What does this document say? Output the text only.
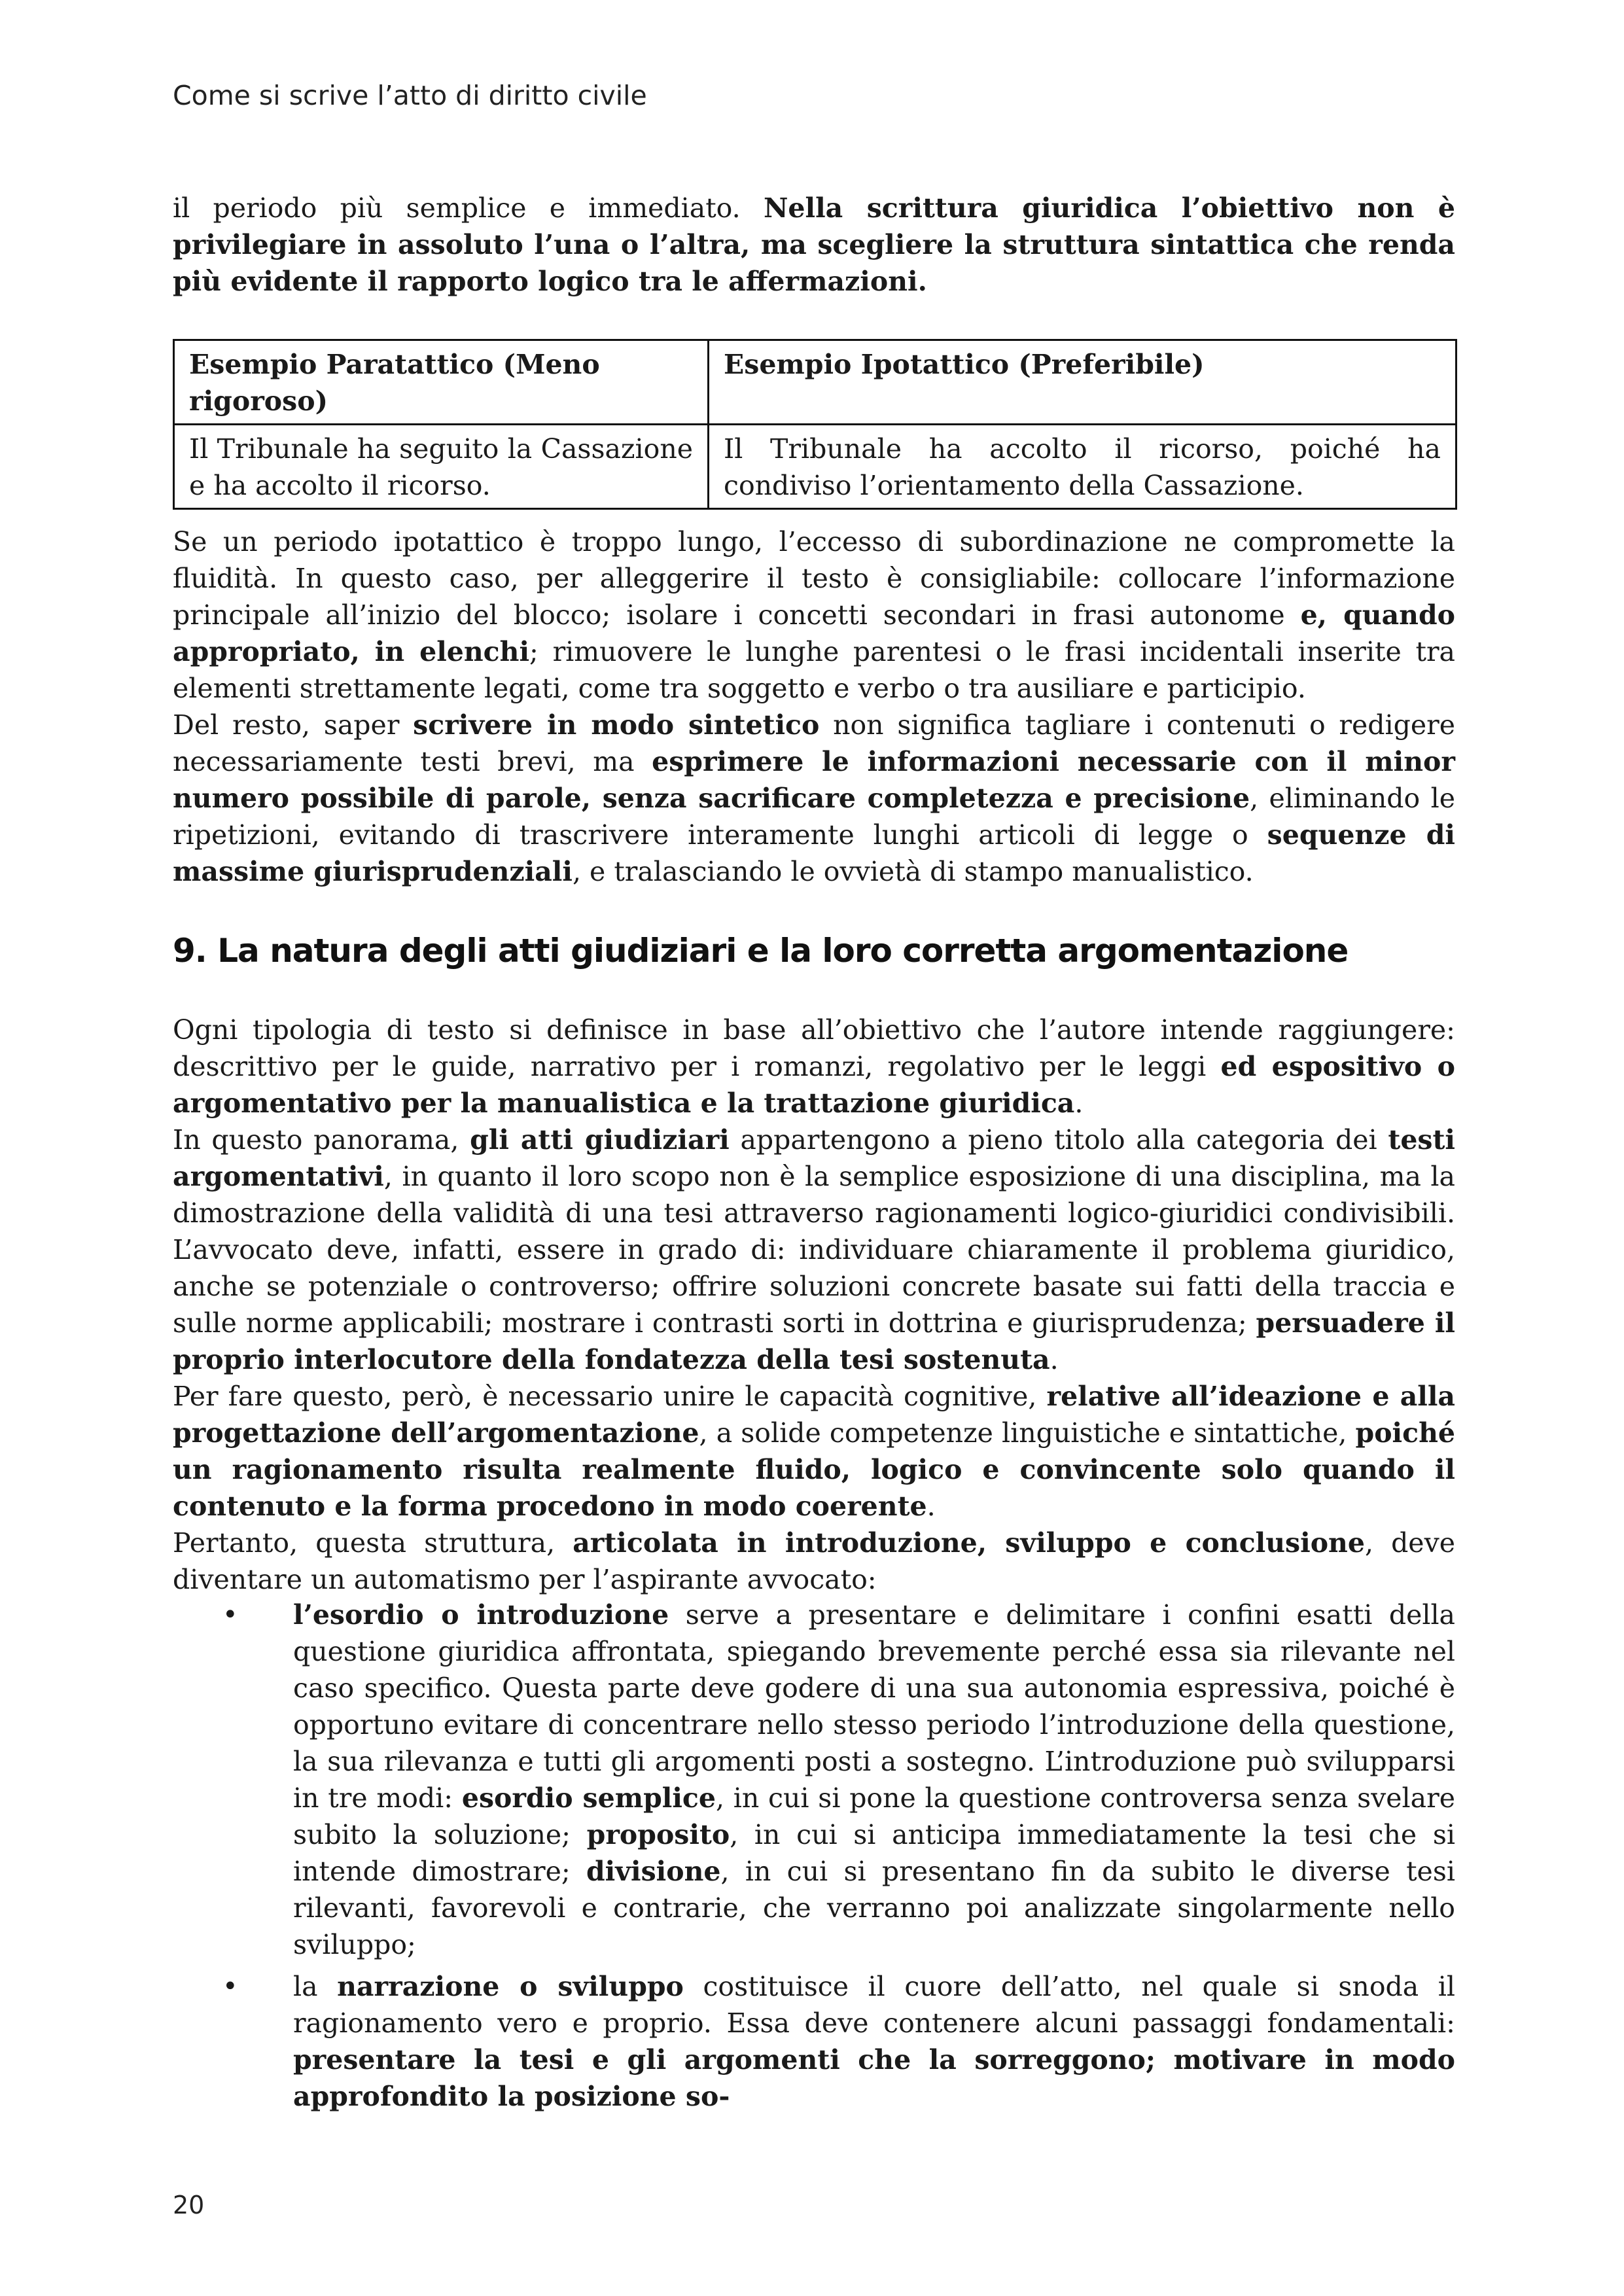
Come si scrive l’atto di diritto civile

il periodo più semplice e immediato. Nella scrittura giuridica l’obiettivo non è privilegiare in assoluto l’una o l’altra, ma scegliere la struttura sintattica che renda più evidente il rapporto logico tra le affermazioni.

Esempio Paratattico (Meno rigoroso)	Esempio Ipotattico (Preferibile)
Il Tribunale ha seguito la Cassazione e ha accolto il ricorso.	Il Tribunale ha accolto il ricorso, poiché ha condiviso l’orientamento della Cassazione.

Se un periodo ipotattico è troppo lungo, l’eccesso di subordinazione ne compromette la fluidità. In questo caso, per alleggerire il testo è consigliabile: collocare l’informazione principale all’inizio del blocco; isolare i concetti secondari in frasi autonome e, quando appropriato, in elenchi; rimuovere le lunghe parentesi o le frasi incidentali inserite tra elementi strettamente legati, come tra soggetto e verbo o tra ausiliare e participio.

Del resto, saper scrivere in modo sintetico non significa tagliare i contenuti o redigere necessariamente testi brevi, ma esprimere le informazioni necessarie con il minor numero possibile di parole, senza sacrificare completezza e precisione, eliminando le ripetizioni, evitando di trascrivere interamente lunghi articoli di legge o sequenze di massime giurisprudenziali, e tralasciando le ovvietà di stampo manualistico.

9. La natura degli atti giudiziari e la loro corretta argomentazione

Ogni tipologia di testo si definisce in base all’obiettivo che l’autore intende raggiungere: descrittivo per le guide, narrativo per i romanzi, regolativo per le leggi ed espositivo o argomentativo per la manualistica e la trattazione giuridica.

In questo panorama, gli atti giudiziari appartengono a pieno titolo alla categoria dei testi argomentativi, in quanto il loro scopo non è la semplice esposizione di una disciplina, ma la dimostrazione della validità di una tesi attraverso ragionamenti logico-giuridici condivisibili. L’avvocato deve, infatti, essere in grado di: individuare chiaramente il problema giuridico, anche se potenziale o controverso; offrire soluzioni concrete basate sui fatti della traccia e sulle norme applicabili; mostrare i contrasti sorti in dottrina e giurisprudenza; persuadere il proprio interlocutore della fondatezza della tesi sostenuta.

Per fare questo, però, è necessario unire le capacità cognitive, relative all’ideazione e alla progettazione dell’argomentazione, a solide competenze linguistiche e sintattiche, poiché un ragionamento risulta realmente fluido, logico e convincente solo quando il contenuto e la forma procedono in modo coerente.

Pertanto, questa struttura, articolata in introduzione, sviluppo e conclusione, deve diventare un automatismo per l’aspirante avvocato:

• l’esordio o introduzione serve a presentare e delimitare i confini esatti della questione giuridica affrontata, spiegando brevemente perché essa sia rilevante nel caso specifico. Questa parte deve godere di una sua autonomia espressiva, poiché è opportuno evitare di concentrare nello stesso periodo l’introduzione della questione, la sua rilevanza e tutti gli argomenti posti a sostegno. L’introduzione può svilupparsi in tre modi: esordio semplice, in cui si pone la questione controversa senza svelare subito la soluzione; proposito, in cui si anticipa immediatamente la tesi che si intende dimostrare; divisione, in cui si presentano fin da subito le diverse tesi rilevanti, favorevoli e contrarie, che verranno poi analizzate singolarmente nello sviluppo;
• la narrazione o sviluppo costituisce il cuore dell’atto, nel quale si snoda il ragionamento vero e proprio. Essa deve contenere alcuni passaggi fondamentali: presentare la tesi e gli argomenti che la sorreggono; motivare in modo approfondito la posizione so-
20
